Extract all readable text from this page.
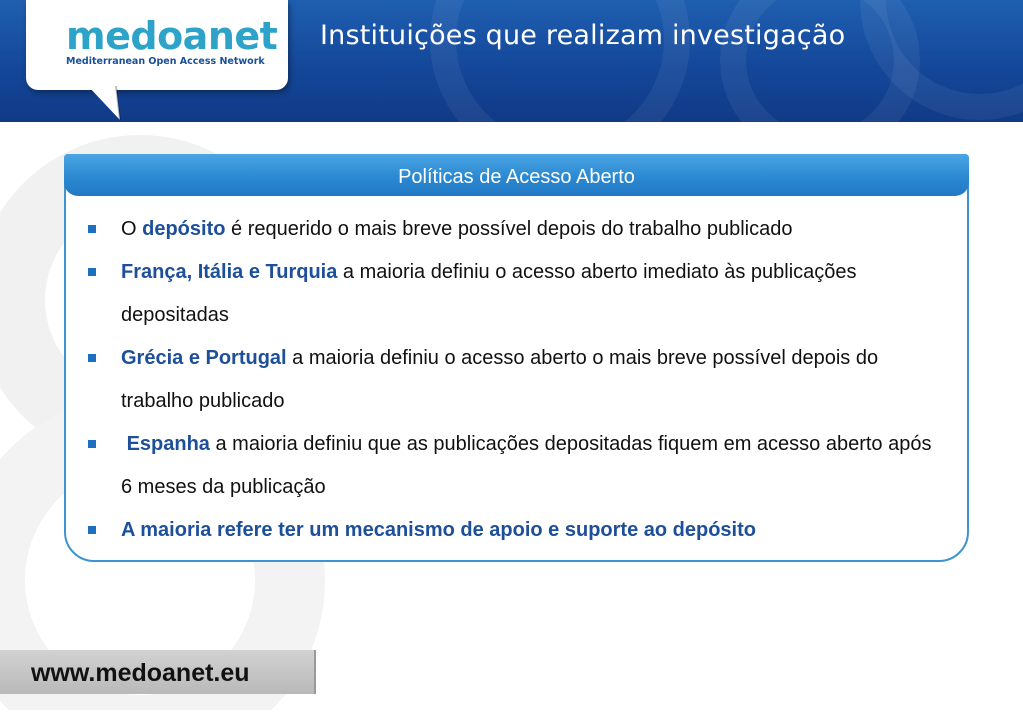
Instituições que realizam investigação
medoanet
Mediterranean Open Access Network
Políticas de Acesso Aberto
O depósito é requerido o mais breve possível depois do trabalho publicado
França, Itália e Turquia a maioria definiu o acesso aberto imediato às publicações depositadas
Grécia e Portugal a maioria definiu o acesso aberto o mais breve possível depois do trabalho publicado
Espanha a maioria definiu que as publicações depositadas fiquem em acesso aberto após 6 meses da publicação
A maioria refere ter um mecanismo de apoio e suporte ao depósito
www.medoanet.eu
